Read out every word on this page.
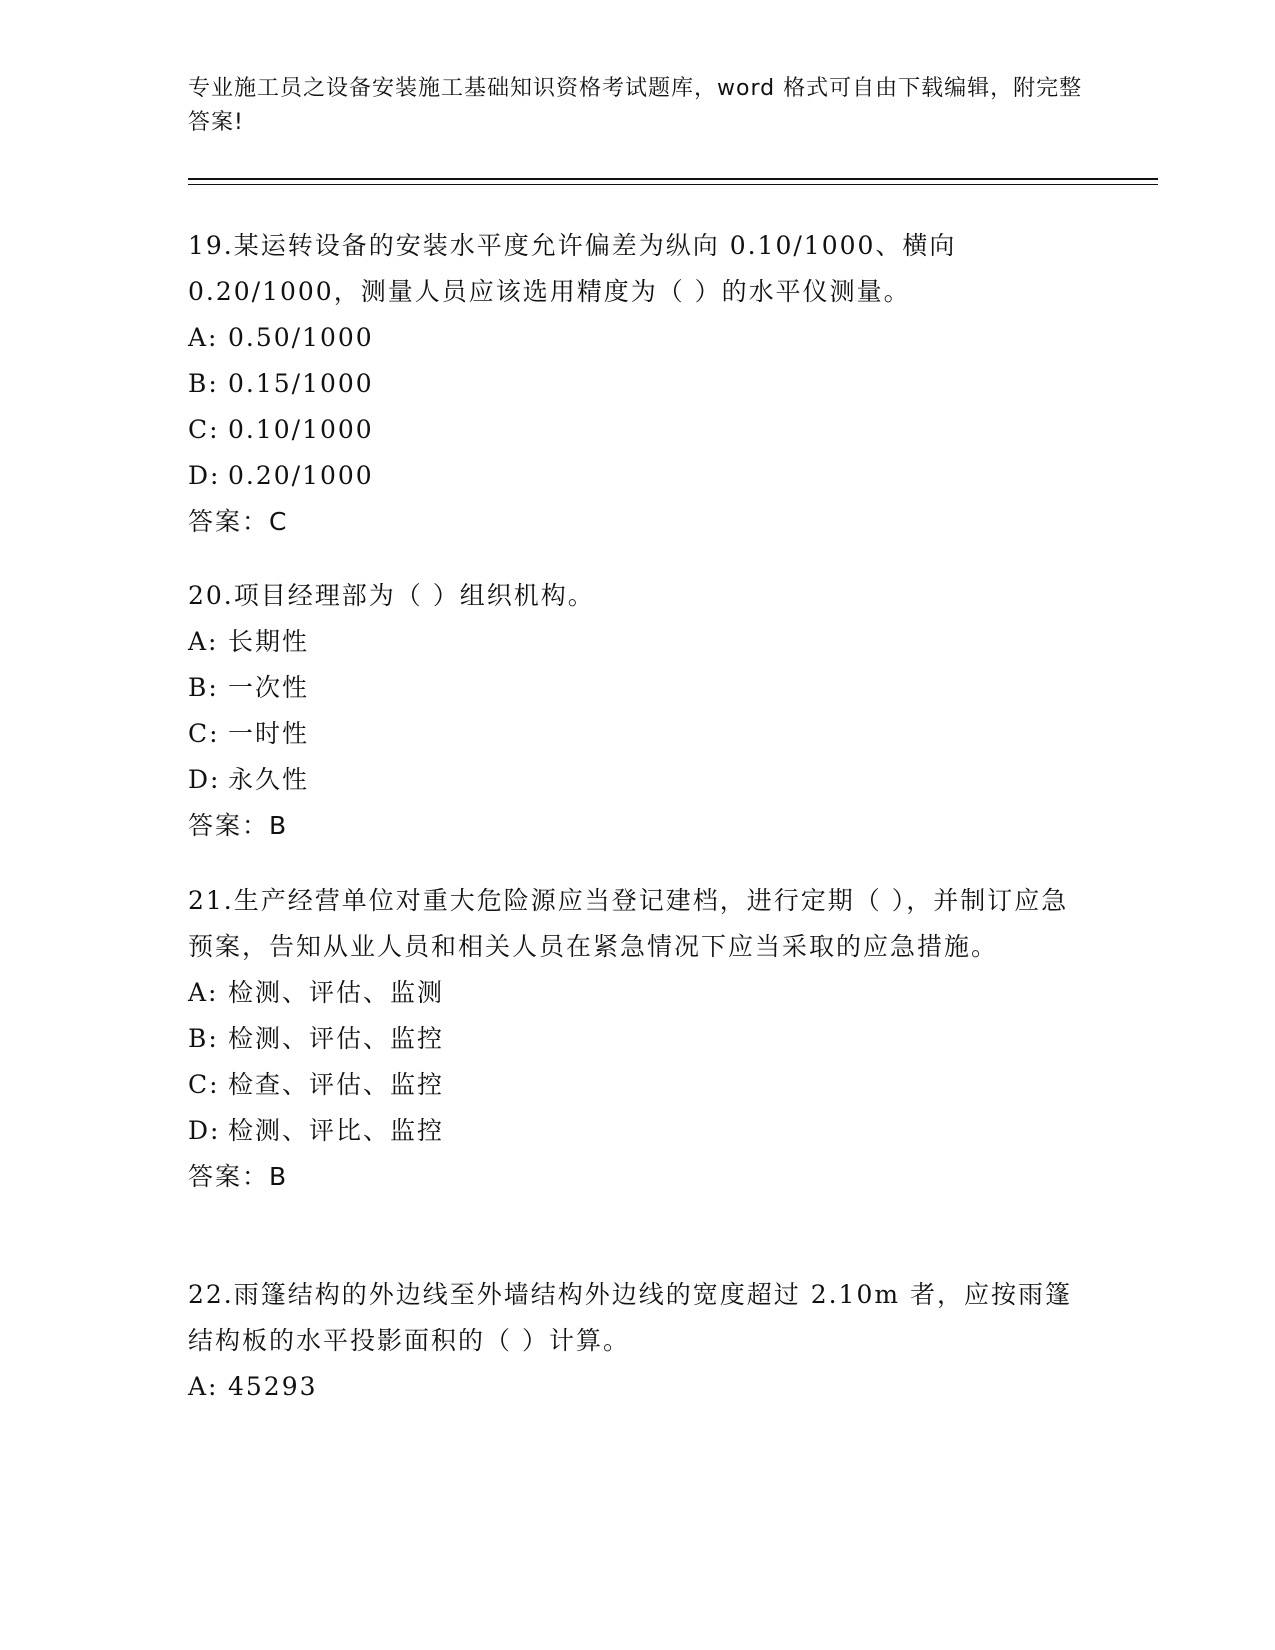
专业施工员之设备安装施工基础知识资格考试题库，word 格式可自由下载编辑，附完整答案!
19.某运转设备的安装水平度允许偏差为纵向 0.10/1000、横向 0.20/1000，测量人员应该选用精度为（ ）的水平仪测量。
A: 0.50/1000
B: 0.15/1000
C: 0.10/1000
D: 0.20/1000
答案：C
20.项目经理部为（ ）组织机构。
A: 长期性
B: 一次性
C: 一时性
D: 永久性
答案：B
21.生产经营单位对重大危险源应当登记建档，进行定期（ ），并制订应急预案，告知从业人员和相关人员在紧急情况下应当采取的应急措施。
A: 检测、评估、监测
B: 检测、评估、监控
C: 检查、评估、监控
D: 检测、评比、监控
答案：B
22.雨篷结构的外边线至外墙结构外边线的宽度超过 2.10m 者，应按雨篷结构板的水平投影面积的（ ）计算。
A: 45293
